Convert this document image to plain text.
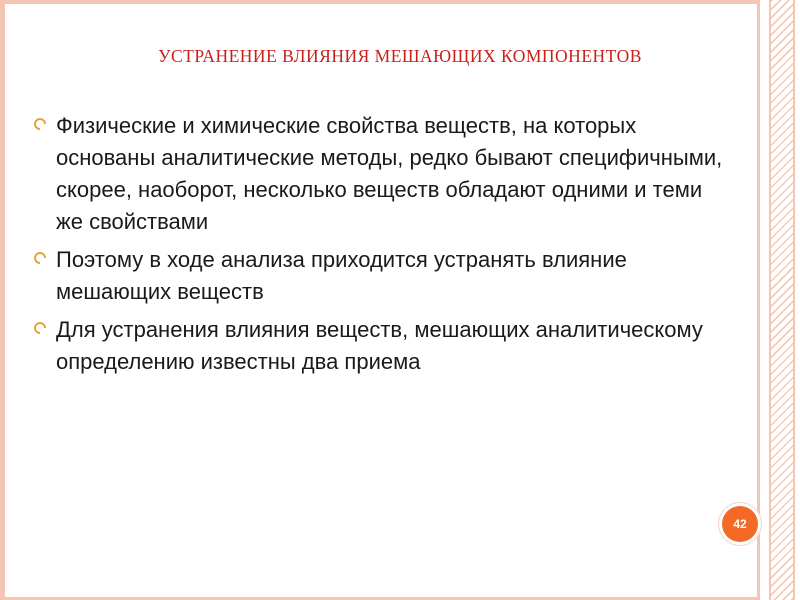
УСТРАНЕНИЕ ВЛИЯНИЯ МЕШАЮЩИХ КОМПОНЕНТОВ
Физические и химические свойства веществ, на которых основаны аналитические методы, редко бывают специфичными, скорее, наоборот, несколько веществ обладают одними и теми же свойствами
Поэтому в ходе анализа приходится устранять влияние мешающих веществ
Для устранения влияния веществ, мешающих аналитическому определению известны два приема
42
